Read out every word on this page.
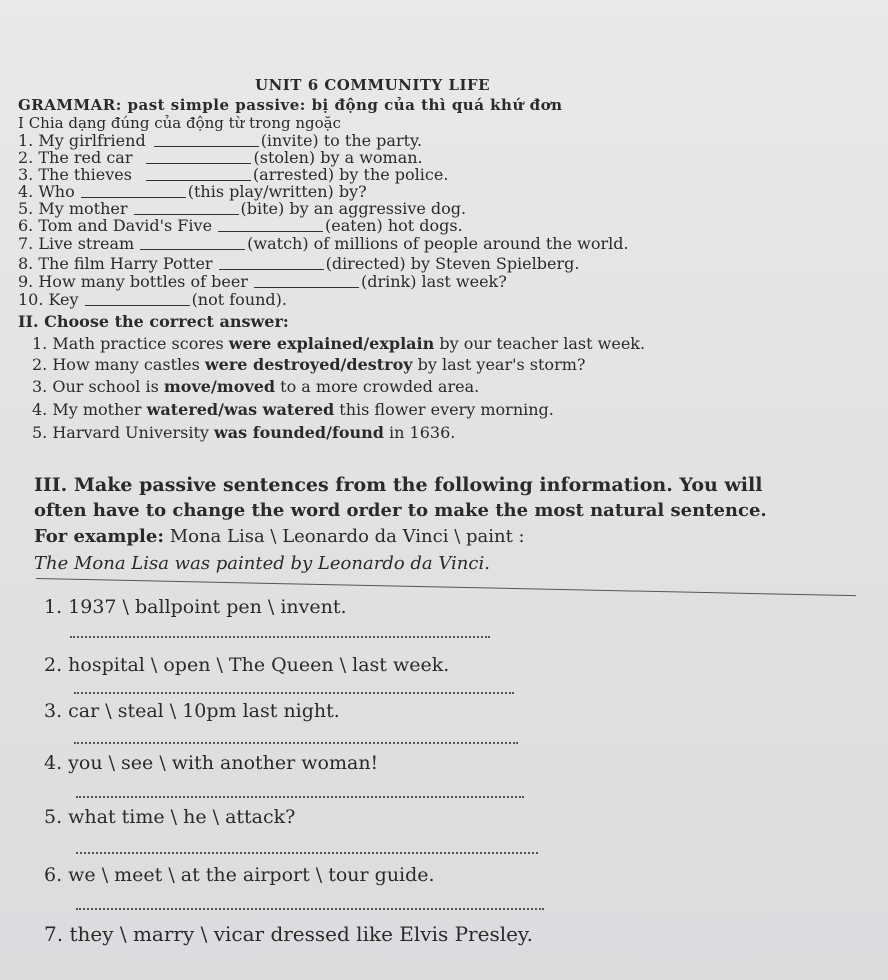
UNIT 6 COMMUNITY LIFE
GRAMMAR: past simple passive: bị động của thì quá khứ đơn
I Chia dạng đúng của động từ trong ngoặc
1. My girlfriend	(invite) to the party.
2. The red car	(stolen) by a woman.
3. The thieves	(arrested) by the police.
4. Who	(this play/written) by?
5. My mother	(bite) by an aggressive dog.
6. Tom and David's Five	(eaten) hot dogs.
7. Live stream	(watch) of millions of people around the world.
8. The film Harry Potter	(directed) by Steven Spielberg.
9. How many bottles of beer	(drink) last week?
10. Key	(not found).
II. Choose the correct answer:
1. Math practice scores were explained/explain by our teacher last week.
2. How many castles were destroyed/destroy by last year's storm?
3. Our school is move/moved to a more crowded area.
4. My mother watered/was watered this flower every morning.
5. Harvard University was founded/found in 1636.
III. Make passive sentences from the following information. You will
often have to change the word order to make the most natural sentence.
For example: Mona Lisa \ Leonardo da Vinci \ paint :
The Mona Lisa was painted by Leonardo da Vinci.
1. 1937 \ ballpoint pen \ invent.
2. hospital \ open \ The Queen \ last week.
3. car \ steal \ 10pm last night.
4. you \ see \ with another woman!
5. what time \ he \ attack?
6. we \ meet \ at the airport \ tour guide.
7. they \ marry \ vicar dressed like Elvis Presley.
